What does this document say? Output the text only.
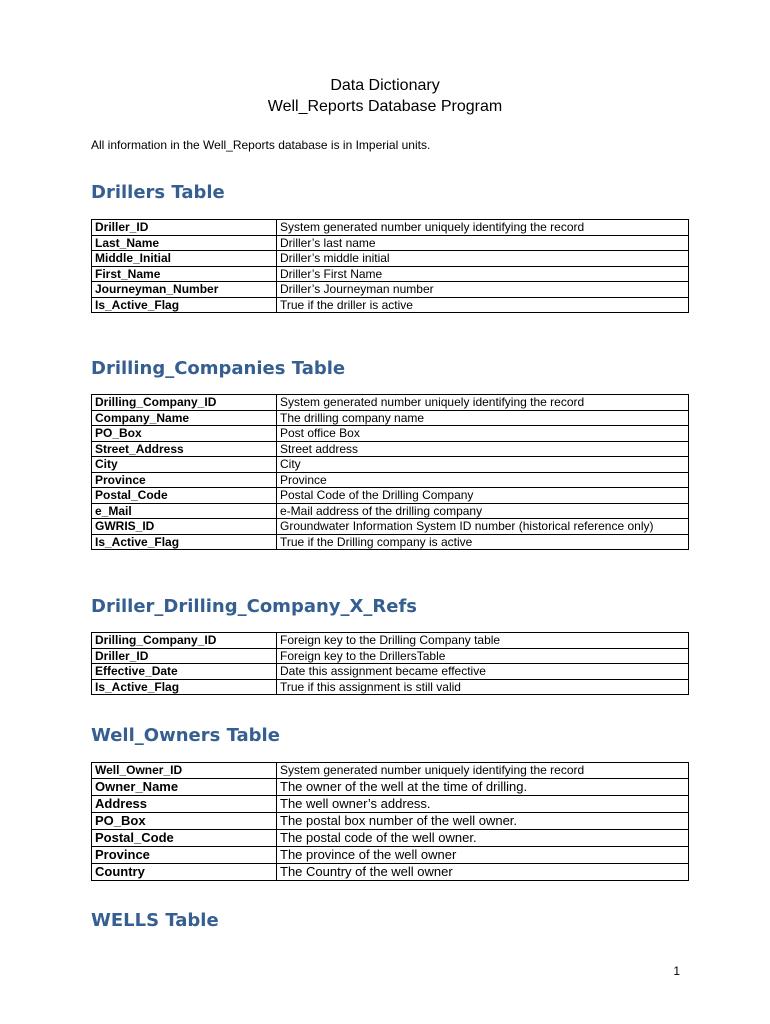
Data Dictionary
Well_Reports Database Program
All information in the Well_Reports database is in Imperial units.
Drillers Table
Driller_ID	System generated number uniquely identifying the record
Last_Name	Driller’s last name
Middle_Initial	Driller’s middle initial
First_Name	Driller’s First Name
Journeyman_Number	Driller’s Journeyman number
Is_Active_Flag	True if the driller is active
Drilling_Companies Table
Drilling_Company_ID	System generated number uniquely identifying the record
Company_Name	The drilling company name
PO_Box	Post office Box
Street_Address	Street address
City	City
Province	Province
Postal_Code	Postal Code of the Drilling Company
e_Mail	e-Mail address of the drilling company
GWRIS_ID	Groundwater Information System ID number (historical reference only)
Is_Active_Flag	True if the Drilling company is active
Driller_Drilling_Company_X_Refs
Drilling_Company_ID	Foreign key to the Drilling Company table
Driller_ID	Foreign key to the DrillersTable
Effective_Date	Date this assignment became effective
Is_Active_Flag	True if this assignment is still valid
Well_Owners Table
Well_Owner_ID	System generated number uniquely identifying the record
Owner_Name	The owner of the well at the time of drilling.
Address	The well owner’s address.
PO_Box	The postal box number of the well owner.
Postal_Code	The postal code of the well owner.
Province	The province of the well owner
Country	The Country of the well owner
WELLS Table
1
